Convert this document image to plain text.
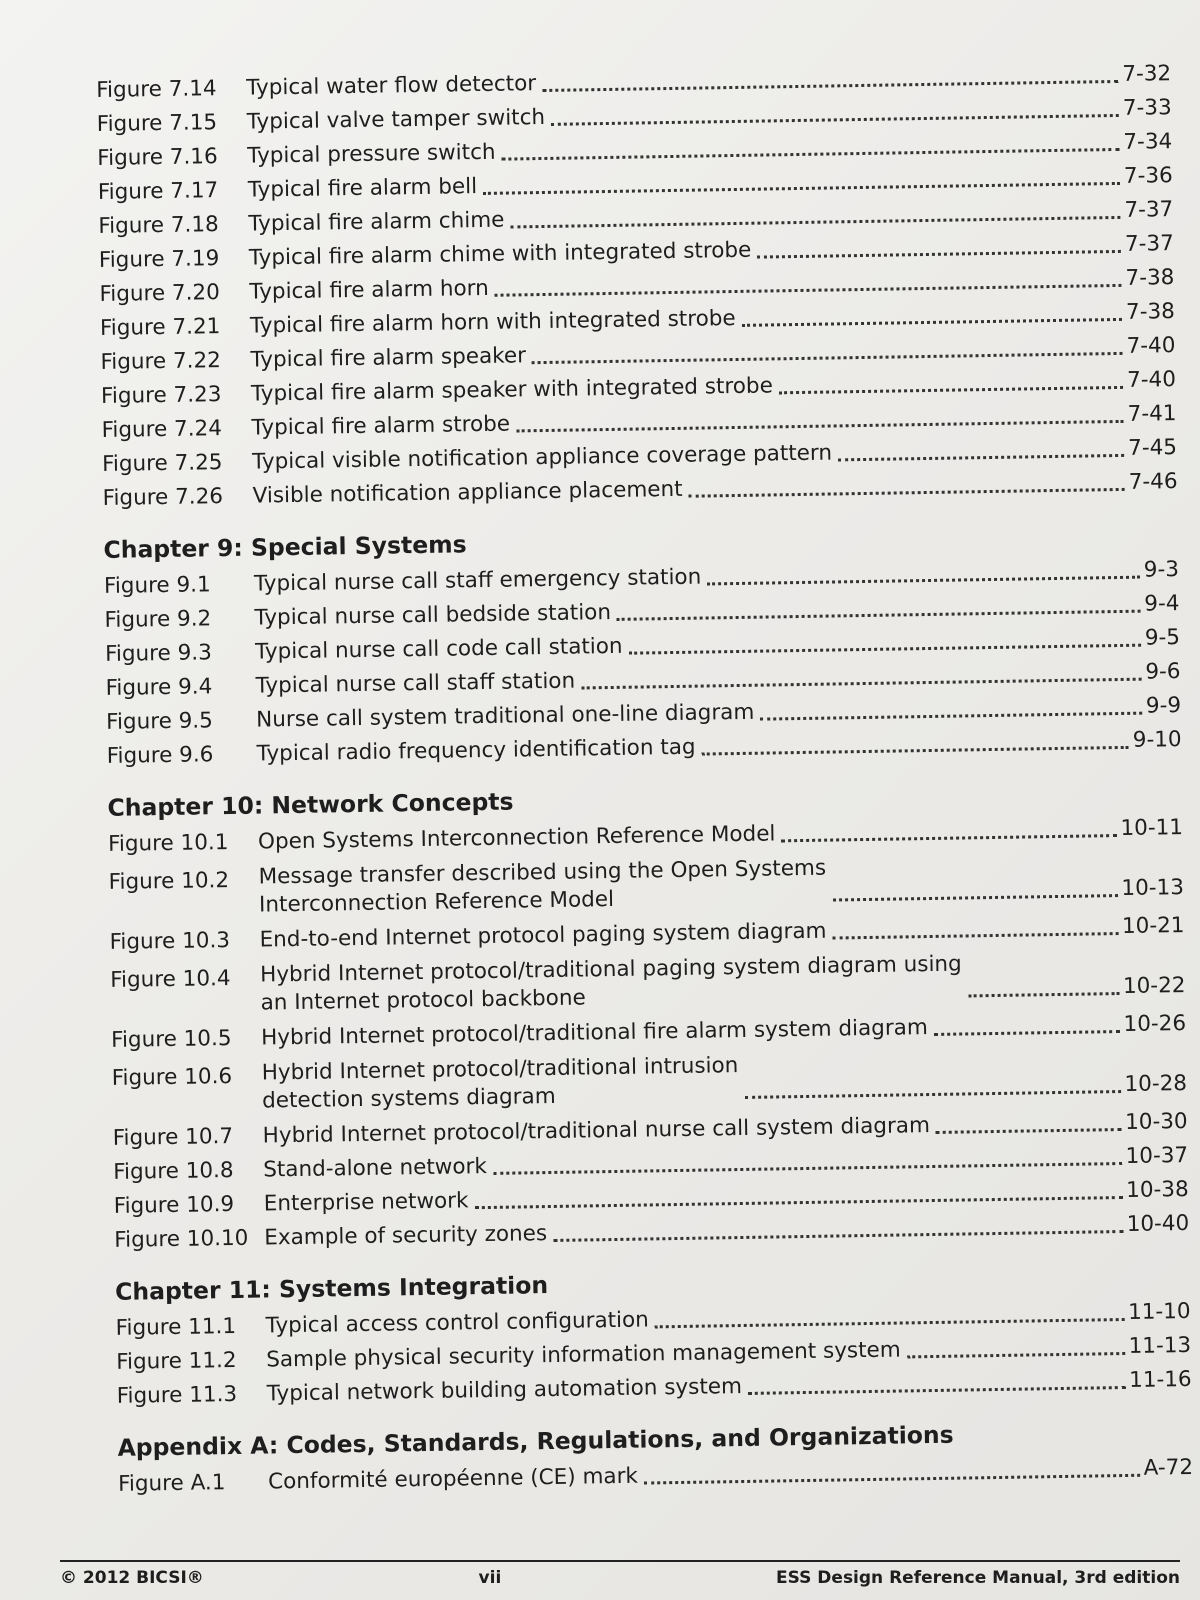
Figure 7.14	Typical water flow detector	7-32
Figure 7.15	Typical valve tamper switch	7-33
Figure 7.16	Typical pressure switch	7-34
Figure 7.17	Typical fire alarm bell	7-36
Figure 7.18	Typical fire alarm chime	7-37
Figure 7.19	Typical fire alarm chime with integrated strobe	7-37
Figure 7.20	Typical fire alarm horn	7-38
Figure 7.21	Typical fire alarm horn with integrated strobe	7-38
Figure 7.22	Typical fire alarm speaker	7-40
Figure 7.23	Typical fire alarm speaker with integrated strobe	7-40
Figure 7.24	Typical fire alarm strobe	7-41
Figure 7.25	Typical visible notification appliance coverage pattern	7-45
Figure 7.26	Visible notification appliance placement	7-46
Chapter 9: Special Systems
Figure 9.1	Typical nurse call staff emergency station	9-3
Figure 9.2	Typical nurse call bedside station	9-4
Figure 9.3	Typical nurse call code call station	9-5
Figure 9.4	Typical nurse call staff station	9-6
Figure 9.5	Nurse call system traditional one-line diagram	9-9
Figure 9.6	Typical radio frequency identification tag	9-10
Chapter 10: Network Concepts
Figure 10.1	Open Systems Interconnection Reference Model	10-11
Figure 10.2	Message transfer described using the Open Systems
Interconnection Reference Model	10-13
Figure 10.3	End-to-end Internet protocol paging system diagram	10-21
Figure 10.4	Hybrid Internet protocol/traditional paging system diagram using
an Internet protocol backbone	10-22
Figure 10.5	Hybrid Internet protocol/traditional fire alarm system diagram	10-26
Figure 10.6	Hybrid Internet protocol/traditional intrusion
detection systems diagram	10-28
Figure 10.7	Hybrid Internet protocol/traditional nurse call system diagram	10-30
Figure 10.8	Stand-alone network	10-37
Figure 10.9	Enterprise network	10-38
Figure 10.10 Example of security zones	10-40
Chapter 11: Systems Integration
Figure 11.1	Typical access control configuration	11-10
Figure 11.2	Sample physical security information management system	11-13
Figure 11.3	Typical network building automation system	11-16
Appendix A: Codes, Standards, Regulations, and Organizations
Figure A.1	Conformité européenne (CE) mark	A-72
© 2012 BICSI®	vii	ESS Design Reference Manual, 3rd edition
